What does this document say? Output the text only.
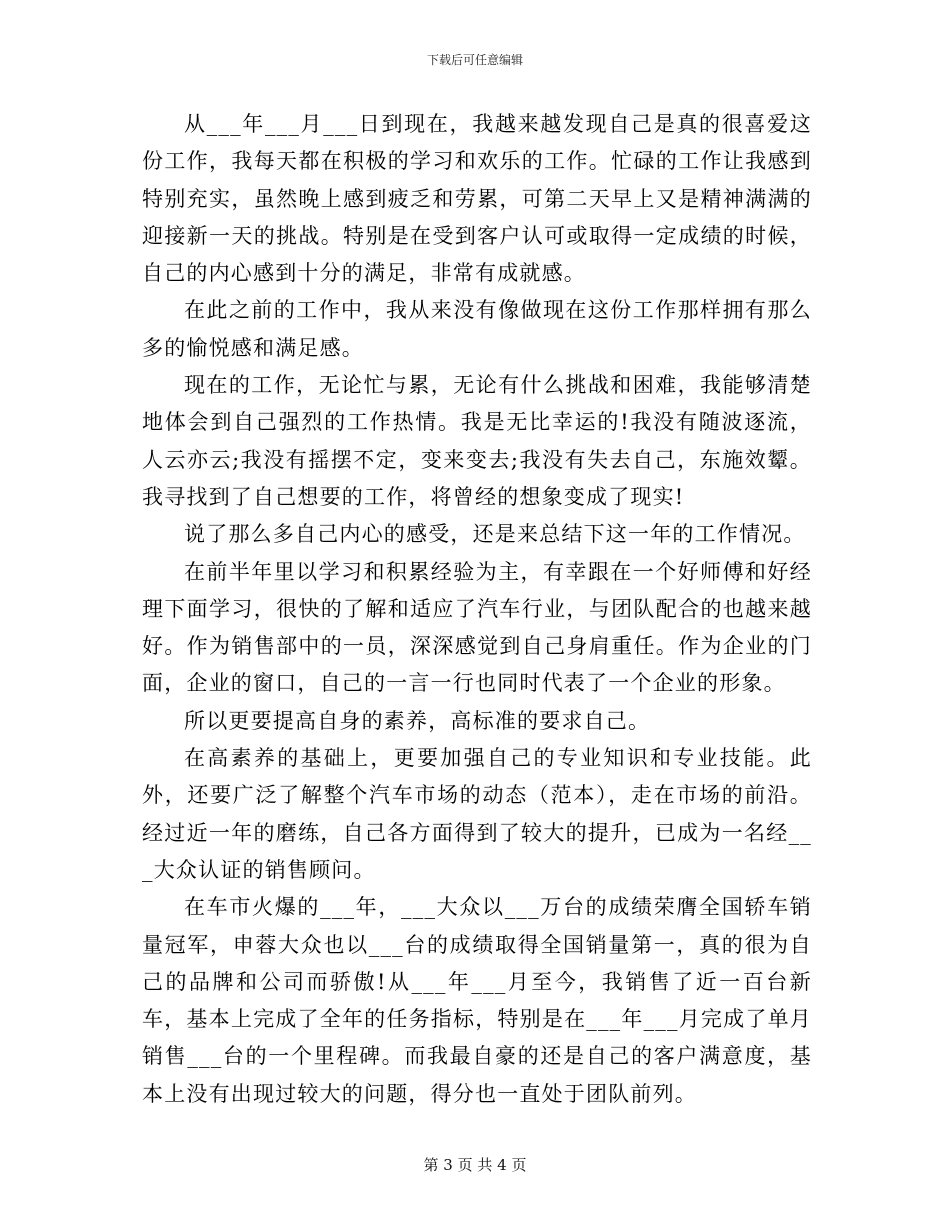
下载后可任意编辑

从___年___月___日到现在，我越来越发现自己是真的很喜爱这份工作，我每天都在积极的学习和欢乐的工作。忙碌的工作让我感到特别充实，虽然晚上感到疲乏和劳累，可第二天早上又是精神满满的迎接新一天的挑战。特别是在受到客户认可或取得一定成绩的时候，自己的内心感到十分的满足，非常有成就感。

在此之前的工作中，我从来没有像做现在这份工作那样拥有那么多的愉悦感和满足感。

现在的工作，无论忙与累，无论有什么挑战和困难，我能够清楚地体会到自己强烈的工作热情。我是无比幸运的!我没有随波逐流，人云亦云;我没有摇摆不定，变来变去;我没有失去自己，东施效颦。我寻找到了自己想要的工作，将曾经的想象变成了现实!

说了那么多自己内心的感受，还是来总结下这一年的工作情况。

在前半年里以学习和积累经验为主，有幸跟在一个好师傅和好经理下面学习，很快的了解和适应了汽车行业，与团队配合的也越来越好。作为销售部中的一员，深深感觉到自己身肩重任。作为企业的门面，企业的窗口，自己的一言一行也同时代表了一个企业的形象。

所以更要提高自身的素养，高标准的要求自己。

在高素养的基础上，更要加强自己的专业知识和专业技能。此外，还要广泛了解整个汽车市场的动态（范本），走在市场的前沿。经过近一年的磨练，自己各方面得到了较大的提升，已成为一名经___大众认证的销售顾问。

在车市火爆的___年，___大众以___万台的成绩荣膺全国轿车销量冠军，申蓉大众也以___台的成绩取得全国销量第一，真的很为自己的品牌和公司而骄傲!从___年___月至今，我销售了近一百台新车，基本上完成了全年的任务指标，特别是在___年___月完成了单月销售___台的一个里程碑。而我最自豪的还是自己的客户满意度，基本上没有出现过较大的问题，得分也一直处于团队前列。

第 3 页 共 4 页
